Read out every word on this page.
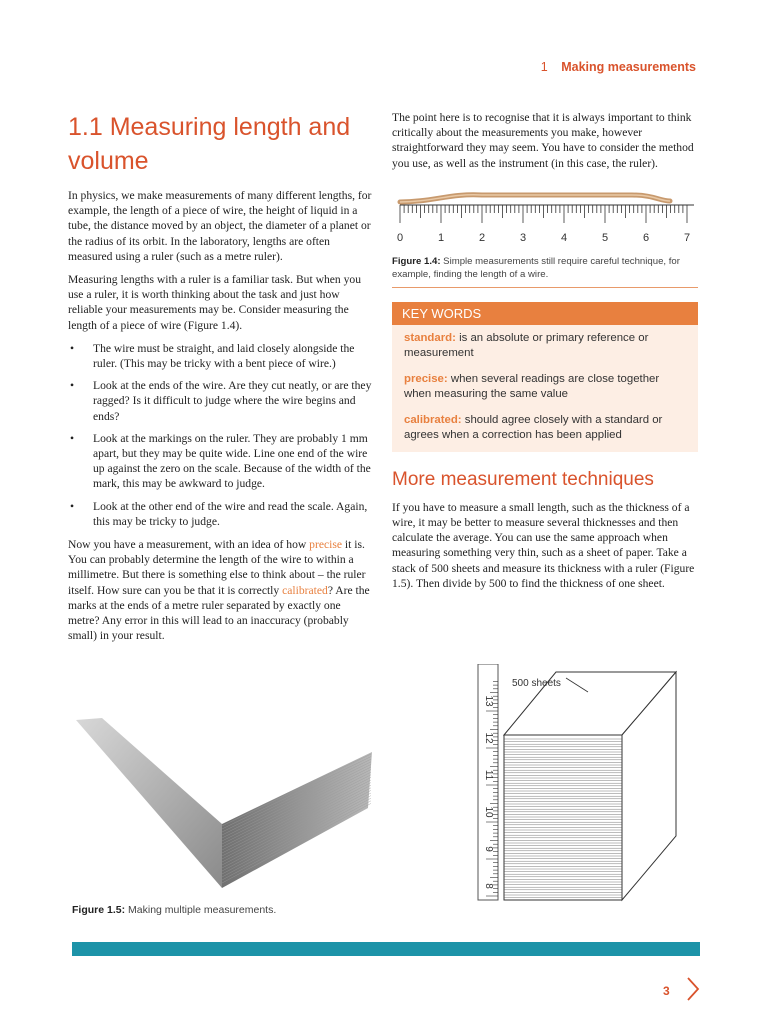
1 Making measurements
1.1 Measuring length and volume

In physics, we make measurements of many different lengths, for example, the length of a piece of wire, the height of liquid in a tube, the distance moved by an object, the diameter of a planet or the radius of its orbit. In the laboratory, lengths are often measured using a ruler (such as a metre ruler).

Measuring lengths with a ruler is a familiar task. But when you use a ruler, it is worth thinking about the task and just how reliable your measurements may be. Consider measuring the length of a piece of wire (Figure 1.4).

• The wire must be straight, and laid closely alongside the ruler. (This may be tricky with a bent piece of wire.)
• Look at the ends of the wire. Are they cut neatly, or are they ragged? Is it difficult to judge where the wire begins and ends?
• Look at the markings on the ruler. They are probably 1 mm apart, but they may be quite wide. Line one end of the wire up against the zero on the scale. Because of the width of the mark, this may be awkward to judge.
• Look at the other end of the wire and read the scale. Again, this may be tricky to judge.

Now you have a measurement, with an idea of how precise it is. You can probably determine the length of the wire to within a millimetre. But there is something else to think about – the ruler itself. How sure can you be that it is correctly calibrated? Are the marks at the ends of a metre ruler separated by exactly one metre? Any error in this will lead to an inaccuracy (probably small) in your result.

The point here is to recognise that it is always important to think critically about the measurements you make, however straightforward they may seem. You have to consider the method you use, as well as the instrument (in this case, the ruler).

0	1	2	3	4	5	6	7
Figure 1.4: Simple measurements still require careful technique, for example, finding the length of a wire.
KEY WORDS
standard: is an absolute or primary reference or measurement
precise: when several readings are close together when measuring the same value
calibrated: should agree closely with a standard or agrees when a correction has been applied
More measurement techniques

If you have to measure a small length, such as the thickness of a wire, it may be better to measure several thicknesses and then calculate the average. You can use the same approach when measuring something very thin, such as a sheet of paper. Take a stack of 500 sheets and measure its thickness with a ruler (Figure 1.5). Then divide by 500 to find the thickness of one sheet.

8
9
10
11
12
13
500 sheets
Figure 1.5: Making multiple measurements.
3
